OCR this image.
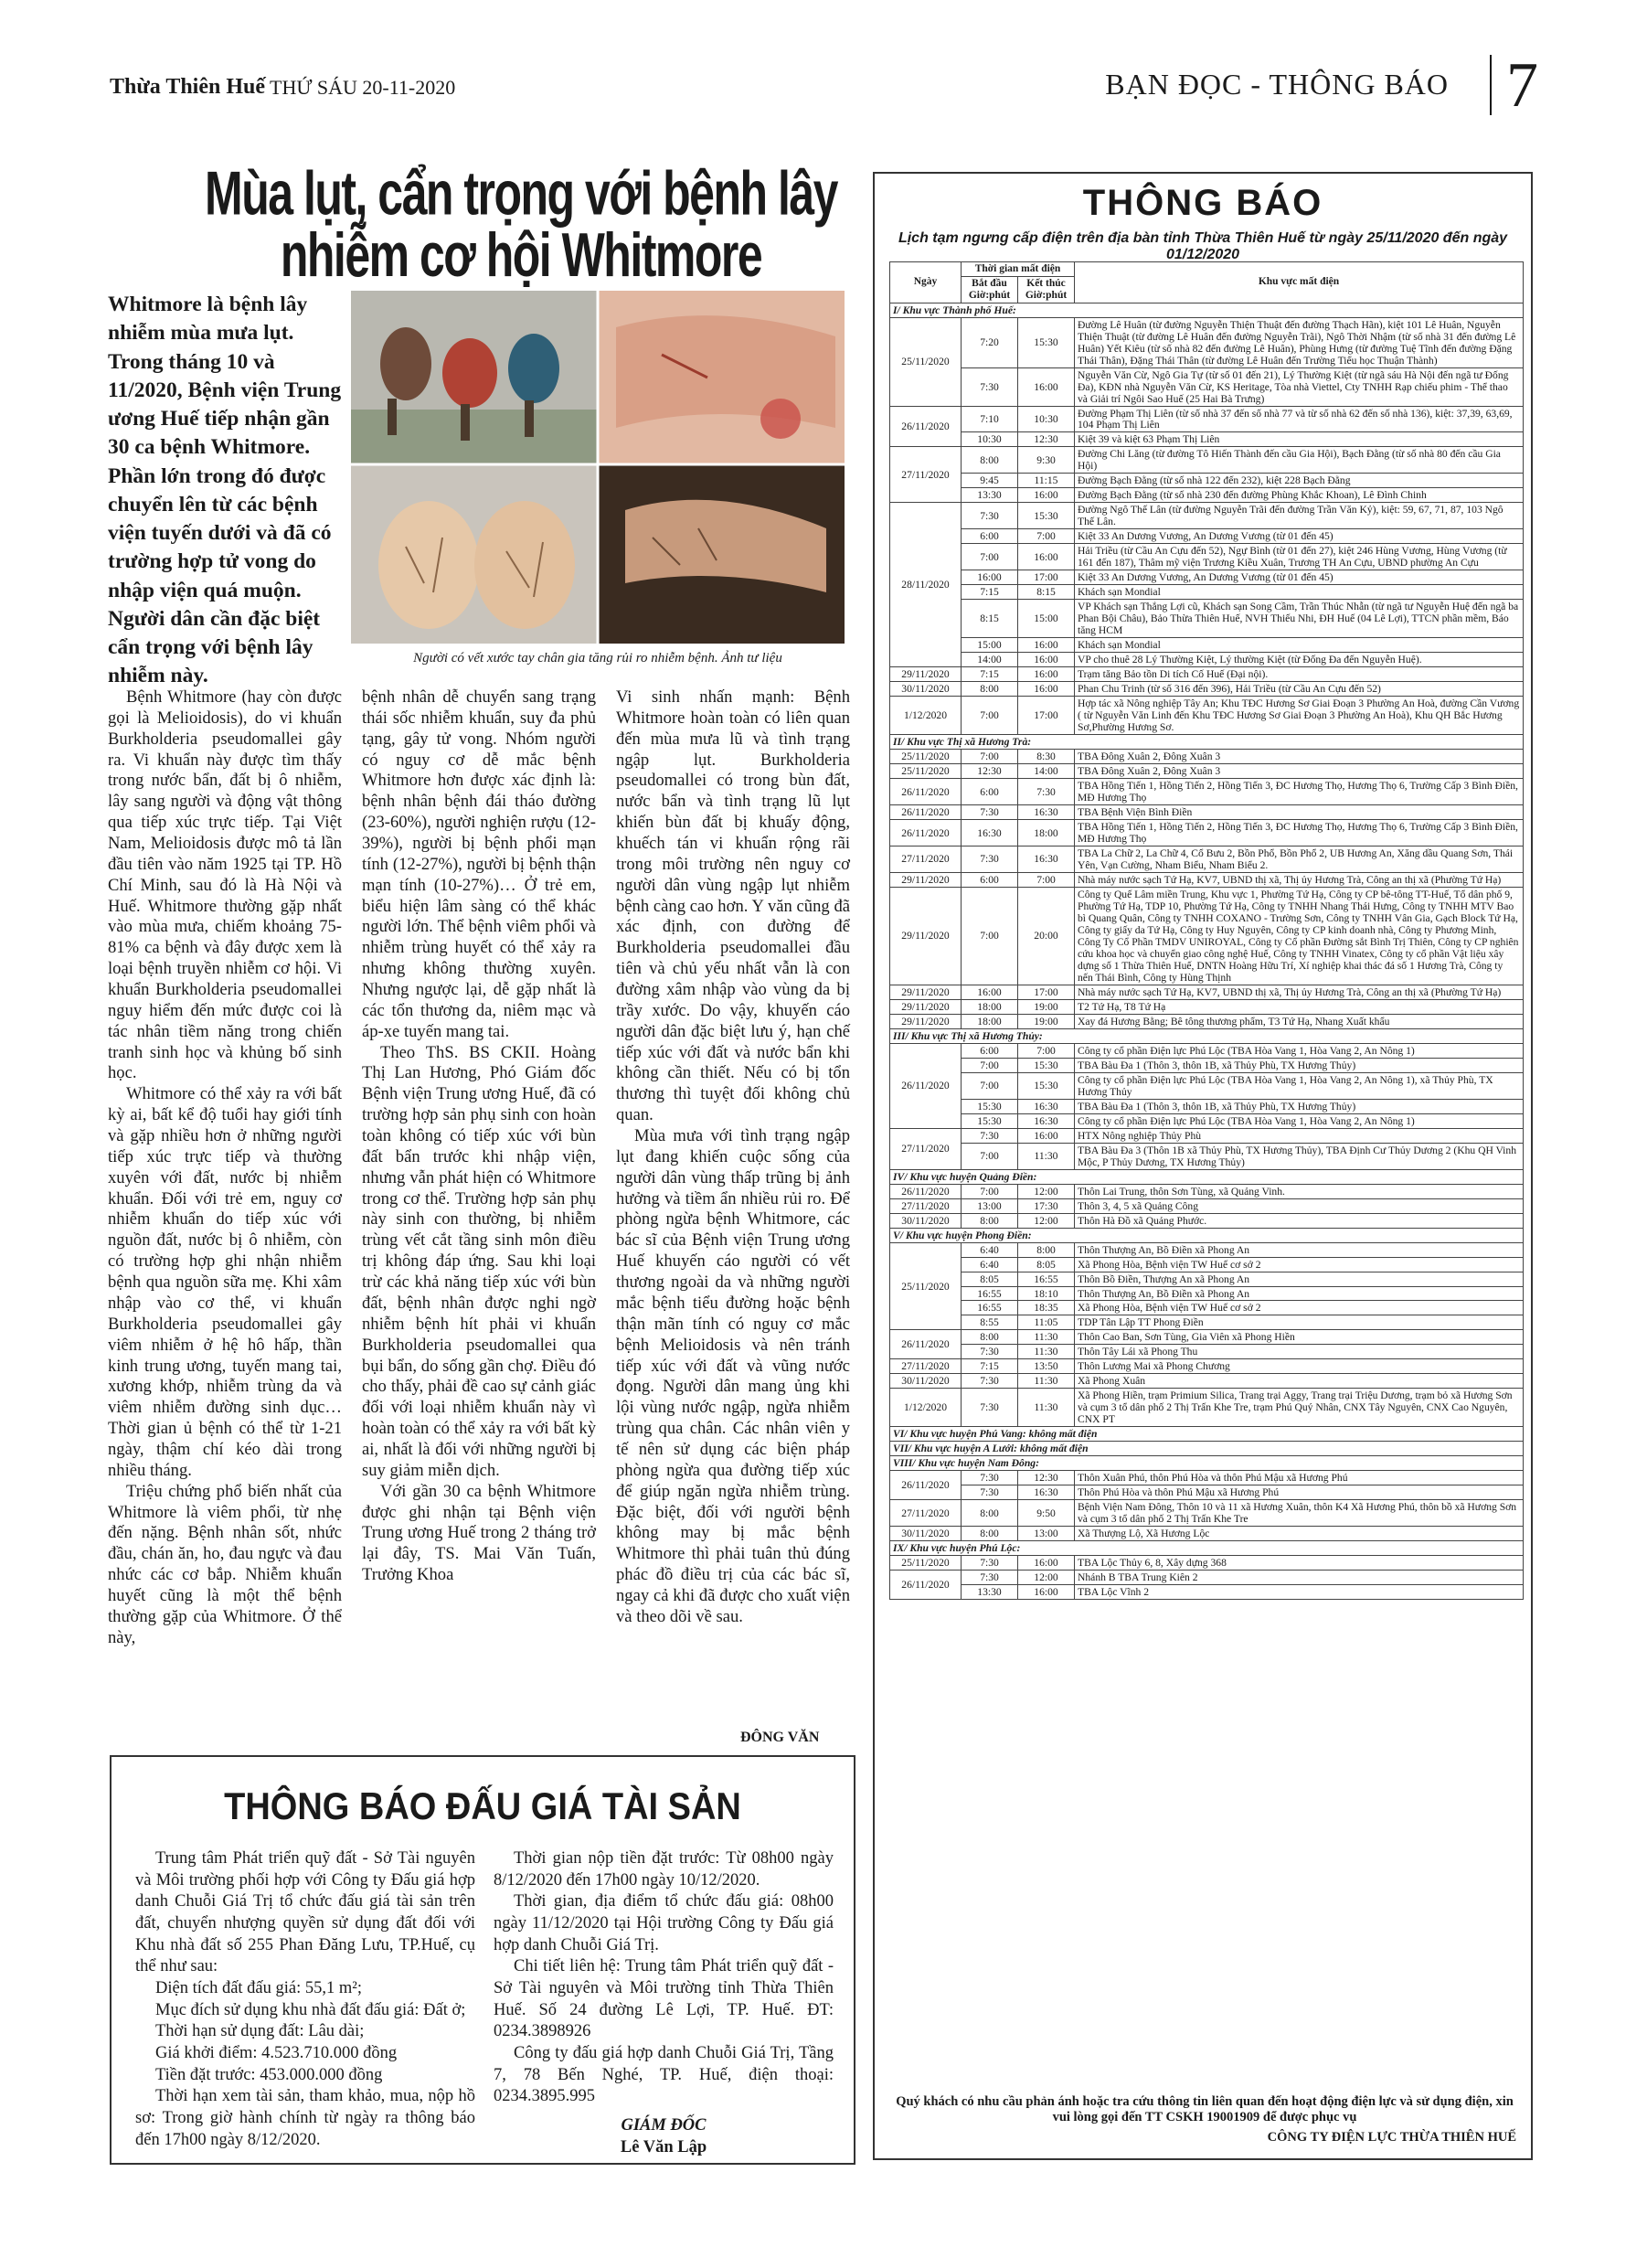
Thừa Thiên Huế THỨ SÁU 20-11-2020	BẠN ĐỌC - THÔNG BÁO 7
Mùa lụt, cẩn trọng với bệnh lây nhiễm cơ hội Whitmore
Whitmore là bệnh lây nhiễm mùa mưa lụt. Trong tháng 10 và 11/2020, Bệnh viện Trung ương Huế tiếp nhận gần 30 ca bệnh Whitmore. Phần lớn trong đó được chuyển lên từ các bệnh viện tuyến dưới và đã có trường hợp tử vong do nhập viện quá muộn. Người dân cần đặc biệt cẩn trọng với bệnh lây nhiễm này.
Người có vết xước tay chân gia tăng rủi ro nhiễm bệnh. Ảnh tư liệu

Bệnh Whitmore (hay còn được gọi là Melioidosis), do vi khuẩn Burkholderia pseudomallei gây ra. Vi khuẩn này được tìm thấy trong nước bẩn, đất bị ô nhiễm, lây sang người và động vật thông qua tiếp xúc trực tiếp. Tại Việt Nam, Melioidosis được mô tả lần đầu tiên vào năm 1925 tại TP. Hồ Chí Minh, sau đó là Hà Nội và Huế. Whitmore thường gặp nhất vào mùa mưa, chiếm khoảng 75-81% ca bệnh và đây được xem là loại bệnh truyền nhiễm cơ hội. Vi khuẩn Burkholderia pseudomallei nguy hiểm đến mức được coi là tác nhân tiềm năng trong chiến tranh sinh học và khủng bố sinh học.

Whitmore có thể xảy ra với bất kỳ ai, bất kể độ tuổi hay giới tính và gặp nhiều hơn ở những người tiếp xúc trực tiếp và thường xuyên với đất, nước bị nhiễm khuẩn. Đối với trẻ em, nguy cơ nhiễm khuẩn do tiếp xúc với nguồn đất, nước bị ô nhiễm, còn có trường hợp ghi nhận nhiễm bệnh qua nguồn sữa mẹ. Khi xâm nhập vào cơ thể, vi khuẩn Burkholderia pseudomallei gây viêm nhiễm ở hệ hô hấp, thần kinh trung ương, tuyến mang tai, xương khớp, nhiễm trùng da và viêm nhiễm đường sinh dục… Thời gian ủ bệnh có thể từ 1-21 ngày, thậm chí kéo dài trong nhiều tháng.

Triệu chứng phổ biến nhất của Whitmore là viêm phổi, từ nhẹ đến nặng. Bệnh nhân sốt, nhức đầu, chán ăn, ho, đau ngực và đau nhức các cơ bắp. Nhiễm khuẩn huyết cũng là một thể bệnh thường gặp của Whitmore. Ở thể này,

bệnh nhân dễ chuyển sang trạng thái sốc nhiễm khuẩn, suy đa phủ tạng, gây tử vong. Nhóm người có nguy cơ dễ mắc bệnh Whitmore hơn được xác định là: bệnh nhân bệnh đái tháo đường (23-60%), người nghiện rượu (12-39%), người bị bệnh phổi mạn tính (12-27%), người bị bệnh thận mạn tính (10-27%)… Ở trẻ em, biểu hiện lâm sàng có thể khác người lớn. Thể bệnh viêm phổi và nhiễm trùng huyết có thể xảy ra nhưng không thường xuyên. Nhưng ngược lại, dễ gặp nhất là các tổn thương da, niêm mạc và áp-xe tuyến mang tai.

Theo ThS. BS CKII. Hoàng Thị Lan Hương, Phó Giám đốc Bệnh viện Trung ương Huế, đã có trường hợp sản phụ sinh con hoàn toàn không có tiếp xúc với bùn đất bẩn trước khi nhập viện, nhưng vẫn phát hiện có Whitmore trong cơ thể. Trường hợp sản phụ này sinh con thường, bị nhiễm trùng vết cắt tầng sinh môn điều trị không đáp ứng. Sau khi loại trừ các khả năng tiếp xúc với bùn đất, bệnh nhân được nghi ngờ nhiễm bệnh hít phải vi khuẩn Burkholderia pseudomallei qua bụi bẩn, do sống gần chợ. Điều đó cho thấy, phải đề cao sự cảnh giác đối với loại nhiễm khuẩn này vì hoàn toàn có thể xảy ra với bất kỳ ai, nhất là đối với những người bị suy giảm miễn dịch.

Với gần 30 ca bệnh Whitmore được ghi nhận tại Bệnh viện Trung ương Huế trong 2 tháng trở lại đây, TS. Mai Văn Tuấn, Trưởng Khoa

Vi sinh nhấn mạnh: Bệnh Whitmore hoàn toàn có liên quan đến mùa mưa lũ và tình trạng ngập lụt. Burkholderia pseudomallei có trong bùn đất, nước bẩn và tình trạng lũ lụt khiến bùn đất bị khuấy động, khuếch tán vi khuẩn rộng rãi trong môi trường nên nguy cơ người dân vùng ngập lụt nhiễm bệnh càng cao hơn. Y văn cũng đã xác định, con đường để Burkholderia pseudomallei đầu tiên và chủ yếu nhất vẫn là con đường xâm nhập vào vùng da bị trầy xước. Do vậy, khuyến cáo người dân đặc biệt lưu ý, hạn chế tiếp xúc với đất và nước bẩn khi không cần thiết. Nếu có bị tổn thương thì tuyệt đối không chủ quan.

Mùa mưa với tình trạng ngập lụt đang khiến cuộc sống của người dân vùng thấp trũng bị ảnh hưởng và tiềm ẩn nhiều rủi ro. Để phòng ngừa bệnh Whitmore, các bác sĩ của Bệnh viện Trung ương Huế khuyến cáo người có vết thương ngoài da và những người mắc bệnh tiểu đường hoặc bệnh thận mãn tính có nguy cơ mắc bệnh Melioidosis và nên tránh tiếp xúc với đất và vũng nước đọng. Người dân mang ủng khi lội vùng nước ngập, ngừa nhiễm trùng qua chân. Các nhân viên y tế nên sử dụng các biện pháp phòng ngừa qua đường tiếp xúc để giúp ngăn ngừa nhiễm trùng. Đặc biệt, đối với người bệnh không may bị mắc bệnh Whitmore thì phải tuân thủ đúng phác đồ điều trị của các bác sĩ, ngay cả khi đã được cho xuất viện và theo dõi về sau.

ĐÔNG VĂN
THÔNG BÁO ĐẤU GIÁ TÀI SẢN

Trung tâm Phát triển quỹ đất - Sở Tài nguyên và Môi trường phối hợp với Công ty Đấu giá hợp danh Chuỗi Giá Trị tổ chức đấu giá tài sản trên đất, chuyển nhượng quyền sử dụng đất đối với Khu nhà đất số 255 Phan Đăng Lưu, TP.Huế, cụ thể như sau:

Diện tích đất đấu giá: 55,1 m²;

Mục đích sử dụng khu nhà đất đấu giá: Đất ở;

Thời hạn sử dụng đất: Lâu dài;

Giá khởi điểm: 4.523.710.000 đồng

Tiền đặt trước: 453.000.000 đồng

Thời hạn xem tài sản, tham khảo, mua, nộp hồ sơ: Trong giờ hành chính từ ngày ra thông báo đến 17h00 ngày 8/12/2020.

Thời gian nộp tiền đặt trước: Từ 08h00 ngày 8/12/2020 đến 17h00 ngày 10/12/2020.

Thời gian, địa điểm tổ chức đấu giá: 08h00 ngày 11/12/2020 tại Hội trường Công ty Đấu giá hợp danh Chuỗi Giá Trị.

Chi tiết liên hệ: Trung tâm Phát triển quỹ đất - Sở Tài nguyên và Môi trường tỉnh Thừa Thiên Huế. Số 24 đường Lê Lợi, TP. Huế. ĐT: 0234.3898926

Công ty đấu giá hợp danh Chuỗi Giá Trị, Tầng 7, 78 Bến Nghé, TP. Huế, điện thoại: 0234.3895.995

GIÁM ĐỐC
Lê Văn Lập
THÔNG BÁO
Lịch tạm ngưng cấp điện trên địa bàn tỉnh Thừa Thiên Huế từ ngày 25/11/2020 đến ngày 01/12/2020
Ngày	Thời gian mất điện		Khu vực mất điện
	Bắt đầu Giờ:phút	Kết thúc Giờ:phút	
I/ Khu vực Thành phố Huế:			
25/11/2020	7:20	15:30	Đường Lê Huân (từ đường Nguyễn Thiện Thuật đến đường Thạch Hãn), kiệt 101 Lê Huân, Nguyễn Thiện Thuật (từ đường Lê Huân đến đường Nguyễn Trãi), Ngô Thời Nhậm (từ số nhà 31 đến đường Lê Huân) Yết Kiêu (từ số nhà 82 đến đường Lê Huân), Phùng Hưng (từ đường Tuệ Tĩnh đến đường Đặng Thái Thân), Đặng Thái Thân (từ đường Lê Huân đến Trường Tiểu học Thuận Thành)
	7:30	16:00	Nguyễn Văn Cừ, Ngô Gia Tự (từ số 01 đến 21), Lý Thường Kiệt (từ ngã sáu Hà Nội đến ngã tư Đống Đa), KĐN nhà Nguyễn Văn Cừ, KS Heritage, Tòa nhà Viettel, Cty TNHH Rạp chiếu phim - Thể thao và Giải trí Ngôi Sao Huế (25 Hai Bà Trưng)
26/11/2020	7:10	10:30	Đường Phạm Thị Liên (từ số nhà 37 đến số nhà 77 và từ số nhà 62 đến số nhà 136), kiệt: 37,39, 63,69, 104 Phạm Thị Liên
	10:30	12:30	Kiệt 39 và kiệt 63 Phạm Thị Liên
27/11/2020	8:00	9:30	Đường Chi Lăng (từ đường Tô Hiến Thành đến cầu Gia Hội), Bạch Đằng (từ số nhà 80 đến cầu Gia Hội)
	9:45	11:15	Đường Bạch Đằng (từ số nhà 122 đến 232), kiệt 228 Bạch Đằng
	13:30	16:00	Đường Bạch Đằng (từ số nhà 230 đến đường Phùng Khắc Khoan), Lê Đình Chinh
28/11/2020	7:30	15:30	Đường Ngô Thế Lân (từ đường Nguyễn Trãi đến đường Trần Văn Kỷ), kiệt: 59, 67, 71, 87, 103 Ngô Thế Lân.
	6:00	7:00	Kiệt 33 An Dương Vương, An Dương Vương (từ 01 đến 45)
	7:00	16:00	Hải Triều (từ Cầu An Cựu đến 52), Ngự Bình (từ 01 đến 27), kiệt 246 Hùng Vương, Hùng Vương (từ 161 đến 187), Thâm mỹ viện Trương Kiều Xuân, Trương TH An Cựu, UBND phường An Cựu
	16:00	17:00	Kiệt 33 An Dương Vương, An Dương Vương (từ 01 đến 45)
	7:15	8:15	Khách sạn Mondial
	8:15	15:00	VP Khách sạn Thắng Lợi cũ, Khách sạn Song Cầm, Trần Thúc Nhẫn (từ ngã tư Nguyễn Huệ đến ngã ba Phan Bội Châu), Bảo Thừa Thiên Huế, NVH Thiếu Nhi, ĐH Huế (04 Lê Lợi), TTCN phần mềm, Báo tăng HCM
	15:00	16:00	Khách sạn Mondial
	14:00	16:00	VP cho thuê 28 Lý Thường Kiệt, Lý thường Kiệt (từ Đống Đa đến Nguyễn Huệ).
29/11/2020	7:15	16:00	Trạm tăng Bảo tồn Di tích Cố Huế (Đại nội).
30/11/2020	8:00	16:00	Phan Chu Trinh (từ số 316 đến 396), Hải Triều (từ Cầu An Cựu đến 52)
1/12/2020	7:00	17:00	Hợp tác xã Nông nghiệp Tây An; Khu TĐC Hương Sơ Giai Đoạn 3 Phường An Hoà, đường Cần Vương ( từ Nguyễn Văn Linh đến Khu TĐC Hương Sơ Giai Đoạn 3 Phường An Hoà), Khu QH Bắc Hương Sơ,Phường Hương Sơ.
II/ Khu vực Thị xã Hương Trà:			
25/11/2020	7:00	8:30	TBA Đông Xuân 2, Đông Xuân 3
25/11/2020	12:30	14:00	TBA Đông Xuân 2, Đông Xuân 3
26/11/2020	6:00	7:30	TBA Hồng Tiến 1, Hồng Tiến 2, Hồng Tiến 3, ĐC Hương Thọ, Hương Thọ 6, Trường Cấp 3 Bình Điền, MĐ Hương Thọ
26/11/2020	7:30	16:30	TBA Bệnh Viện Bình Điền
26/11/2020	16:30	18:00	TBA Hồng Tiến 1, Hồng Tiến 2, Hồng Tiến 3, ĐC Hương Thọ, Hương Thọ 6, Trường Cấp 3 Bình Điền, MĐ Hương Thọ
27/11/2020	7:30	16:30	TBA La Chữ 2, La Chữ 4, Cổ Bưu 2, Bồn Phổ, Bồn Phổ 2, UB Hương An, Xăng dầu Quang Sơn, Thái Yên, Vạn Cường, Nham Biểu, Nham Biểu 2.
29/11/2020	6:00	7:00	Nhà máy nước sạch Tứ Hạ, KV7, UBND thị xã, Thị ủy Hương Trà, Công an thị xã (Phường Tứ Hạ)
29/11/2020	7:00	20:00	Công ty Quế Lâm miền Trung, Khu vực 1, Phường Tứ Hạ, Công ty CP bê-tông TT-Huế, Tổ dân phố 9, Phường Tứ Hạ, TDP 10, Phường Tứ Hạ, Công ty TNHH Nhang Thái Hưng, Công ty TNHH MTV Bao bì Quang Quân, Công ty TNHH COXANO - Trường Sơn, Công ty TNHH Vân Gia, Gạch Block Tứ Hạ, Công ty giấy da Tứ Hạ, Công ty Huy Nguyên, Công ty CP kinh doanh nhà, Công ty Phương Minh, Công Ty Cổ Phần TMDV UNIROYAL, Công ty Cổ phần Đường sắt Bình Trị Thiên, Công ty CP nghiên cứu khoa học và chuyển giao công nghệ Huế, Công ty TNHH Vinatex, Công ty cổ phần Vật liệu xây dựng số 1 Thừa Thiên Huế, DNTN Hoàng Hữu Trí, Xí nghiệp khai thác đá số 1 Hương Trà, Công ty nến Thái Bình, Công ty Hùng Thịnh
29/11/2020	16:00	17:00	Nhà máy nước sạch Tứ Hạ, KV7, UBND thị xã, Thị ủy Hương Trà, Công an thị xã (Phường Tứ Hạ)
29/11/2020	18:00	19:00	T2 Tứ Hạ, T8 Tứ Hạ
29/11/2020	18:00	19:00	Xay đá Hương Bằng; Bê tông thương phẩm, T3 Tứ Hạ, Nhang Xuất khẩu
III/ Khu vực Thị xã Hương Thủy:			
26/11/2020	6:00	7:00	Công ty cổ phần Điện lực Phú Lộc (TBA Hòa Vang 1, Hòa Vang 2, An Nông 1)
	7:00	15:30	TBA Bàu Đa 1 (Thôn 3, thôn 1B, xã Thủy Phù, TX Hương Thủy)
	7:00	15:30	Công ty cổ phần Điện lực Phú Lộc (TBA Hòa Vang 1, Hòa Vang 2, An Nông 1), xã Thủy Phù, TX Hương Thủy
	15:30	16:30	TBA Bàu Đa 1 (Thôn 3, thôn 1B, xã Thủy Phù, TX Hương Thủy)
	15:30	16:30	Công ty cổ phần Điện lực Phú Lộc (TBA Hòa Vang 1, Hòa Vang 2, An Nông 1)
27/11/2020	7:30	16:00	HTX Nông nghiệp Thủy Phù
	7:00	11:30	TBA Bàu Đa 3 (Thôn 1B xã Thủy Phù, TX Hương Thủy), TBA Định Cư Thủy Dương 2 (Khu QH Vinh Mộc, P Thủy Dương, TX Hương Thủy)
IV/ Khu vực huyện Quảng Điền:			
26/11/2020	7:00	12:00	Thôn Lai Trung, thôn Sơn Tùng, xã Quảng Vinh.
27/11/2020	13:00	17:30	Thôn 3, 4, 5 xã Quảng Công
30/11/2020	8:00	12:00	Thôn Hà Đồ xã Quảng Phước.
V/ Khu vực huyện Phong Điền:			
25/11/2020	6:40	8:00	Thôn Thượng An, Bồ Điền xã Phong An
	6:40	8:05	Xã Phong Hòa, Bệnh viện TW Huế cơ sở 2
	8:05	16:55	Thôn Bồ Điền, Thượng An xã Phong An
	16:55	18:10	Thôn Thượng An, Bồ Điền xã Phong An
	16:55	18:35	Xã Phong Hòa, Bệnh viện TW Huế cơ sở 2
	8:55	11:05	TDP Tân Lập TT Phong Điền
26/11/2020	8:00	11:30	Thôn Cao Ban, Sơn Tùng, Gia Viên xã Phong Hiền
	7:30	11:30	Thôn Tây Lái xã Phong Thu
27/11/2020	7:15	13:50	Thôn Lương Mai xã Phong Chương
30/11/2020	7:30	11:30	Xã Phong Xuân
1/12/2020	7:30	11:30	Xã Phong Hiền, trạm Primium Silica, Trang trại Aggy, Trang trại Triệu Dương, trạm bỏ xã Hương Sơn và cụm 3 tổ dân phố 2 Thị Trấn Khe Tre, trạm Phú Quý Nhân, CNX Tây Nguyên, CNX Cao Nguyên, CNX PT
VI/ Khu vực huyện Phú Vang: không mất điện			
VII/ Khu vực huyện A Lưới: không mất điện			
VIII/ Khu vực huyện Nam Đông:			
26/11/2020	7:30	12:30	Thôn Xuân Phú, thôn Phú Hòa và thôn Phú Mậu xã Hương Phú
	7:30	16:30	Thôn Phú Hòa và thôn Phú Mậu xã Hương Phú
27/11/2020	8:00	9:50	Bệnh Viện Nam Đông, Thôn 10 và 11 xã Hương Xuân, thôn K4 Xã Hương Phú, thôn bồ xã Hương Sơn và cụm 3 tổ dân phố 2 Thị Trấn Khe Tre
30/11/2020	8:00	13:00	Xã Thượng Lộ, Xã Hương Lộc
IX/ Khu vực huyện Phú Lộc:			
25/11/2020	7:30	16:00	TBA Lộc Thủy 6, 8, Xây dựng 368
26/11/2020	7:30	12:00	Nhánh B TBA Trung Kiên 2
	13:30	16:00	TBA Lộc Vĩnh 2
Quý khách có nhu cầu phản ánh hoặc tra cứu thông tin liên quan đến hoạt động điện lực và sử dụng điện, xin vui lòng gọi đến TT CSKH 19001909 để được phục vụ
CÔNG TY ĐIỆN LỰC THỪA THIÊN HUẾ
